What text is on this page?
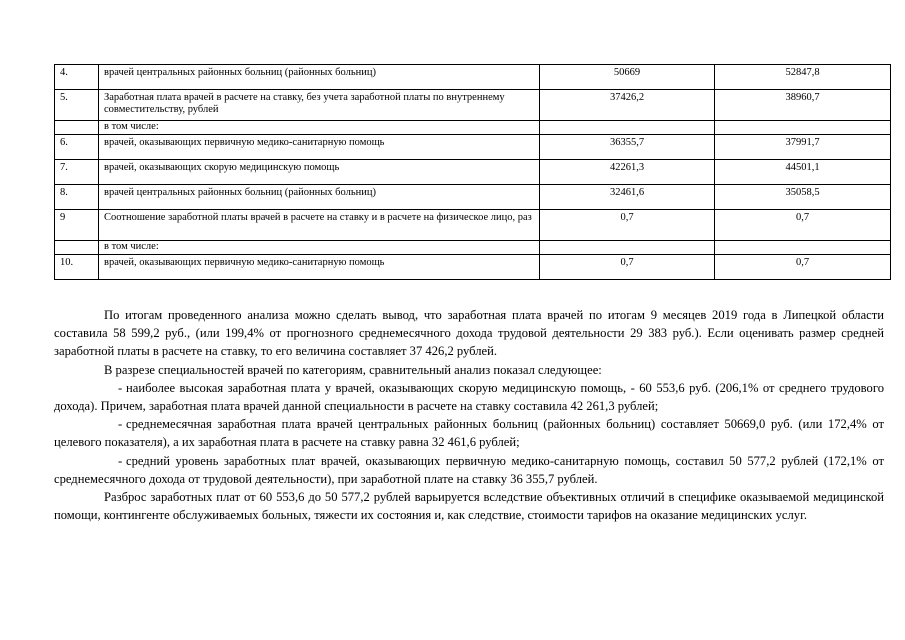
4.	врачей центральных районных больниц (районных больниц)	50669	52847,8
5.	Заработная плата врачей в расчете на ставку, без учета заработной платы по внутреннему совместительству, рублей	37426,2	38960,7
	в том числе:		
6.	врачей, оказывающих первичную медико-санитарную помощь	36355,7	37991,7
7.	врачей, оказывающих скорую медицинскую помощь	42261,3	44501,1
8.	врачей центральных районных больниц (районных больниц)	32461,6	35058,5
9	Соотношение заработной платы врачей в расчете на ставку и в расчете на физическое лицо, раз	0,7	0,7
	в том числе:		
10.	врачей, оказывающих первичную медико-санитарную помощь	0,7	0,7

По итогам проведенного анализа можно сделать вывод, что заработная плата врачей по итогам 9 месяцев 2019 года в Липецкой области составила 58 599,2 руб., (или 199,4% от прогнозного среднемесячного дохода трудовой деятельности 29 383 руб.). Если оценивать размер средней заработной платы в расчете на ставку, то его величина составляет 37 426,2 рублей.

В разрезе специальностей врачей по категориям, сравнительный анализ показал следующее:

- наиболее высокая заработная плата у врачей, оказывающих скорую медицинскую помощь, - 60 553,6 руб. (206,1% от среднего трудового дохода). Причем, заработная плата врачей данной специальности в расчете на ставку составила 42 261,3 рублей;

- среднемесячная заработная плата врачей центральных районных больниц (районных больниц) составляет 50669,0 руб. (или 172,4% от целевого показателя), а их заработная плата в расчете на ставку равна 32 461,6 рублей;

- средний уровень заработных плат врачей, оказывающих первичную медико-санитарную помощь, составил 50 577,2 рублей (172,1% от среднемесячного дохода от трудовой деятельности), при заработной плате на ставку 36 355,7 рублей.

Разброс заработных плат от 60 553,6 до 50 577,2 рублей варьируется вследствие объективных отличий в специфике оказываемой медицинской помощи, контингенте обслуживаемых больных, тяжести их состояния и, как следствие, стоимости тарифов на оказание медицинских услуг.
